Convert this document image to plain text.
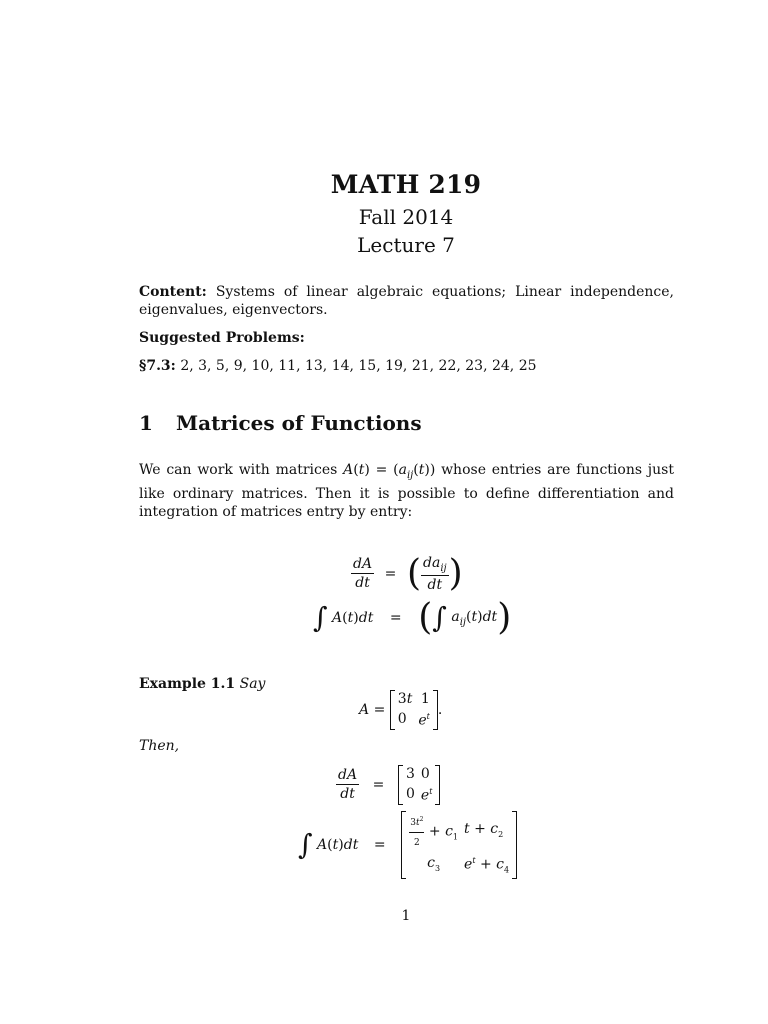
MATH 219
Fall 2014
Lecture 7
Content: Systems of linear algebraic equations; Linear independence, eigenvalues, eigenvectors.
Suggested Problems:
§7.3: 2, 3, 5, 9, 10, 11, 13, 14, 15, 19, 21, 22, 23, 24, 25
1 Matrices of Functions
We can work with matrices $A(t) = (a_{ij}(t))$ whose entries are functions just like ordinary matrices. Then it is possible to define differentiation and integration of matrices entry by entry:
$\frac{dA}{dt}$ = ( $\frac{da_{ij}}{dt}$ )
∫ A(t)dt = (∫ $a_{ij}(t)dt$)
Example 1.1 Say
A =
3t	1
0	$e^t$ .
Then,
$\frac{dA}{dt}$ =
3	0
0	$e^t$
∫ A(t)dt =	$\frac{3t^2}{2} + c_1$	$t + c_2$
$c_3$	$e^t + c_4$
1
